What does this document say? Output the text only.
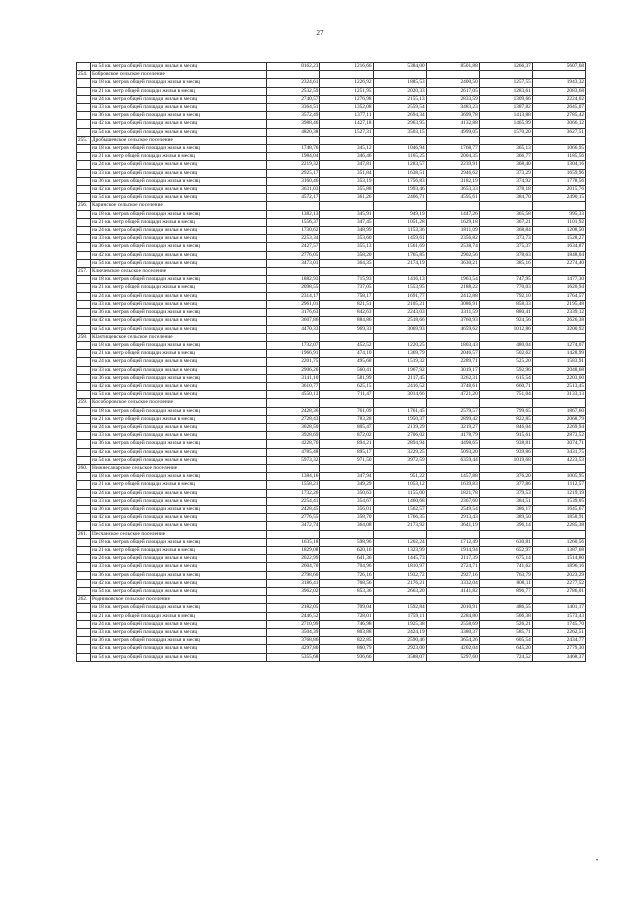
27
	на 54 кв. метра общей площади жилья в месяц	8162,23	1216,66	5384,00	8501,88	1266,37	5607,68
254.	Бобровское сельское поселение						
	на 18 кв. метров общей площади жилья в месяц	2324,61	1226,92	1885,53	2400,50	1257,55	1943,32
	на 21 кв. метр общей площади жилья в месяц	2532,59	1251,95	2020,33	2617,05	1283,61	2083,68
	на 24 кв. метра общей площади жилья в месяц	2740,57	1276,98	2155,13	2833,59	1309,66	2224,02
	на 33 кв. метра общей площади жилья в месяц	3364,51	1352,08	2559,54	3483,23	1387,82	2645,07
	на 36 кв. метров общей площади жилья в месяц	3572,49	1377,11	2694,34	3699,78	1413,88	2785,42
	на 42 кв. метра общей площади жилья в месяц	3988,46	1427,18	2963,95	4132,88	1465,99	3066,12
	на 54 кв. метра общей площади жилья в месяц	4820,38	1527,31	3503,15	4999,05	1570,20	3627,51
255.	Дробышевское сельское поселение						
	на 18 кв. метров общей площади жилья в месяц	1748,76	345,12	1046,94	1768,77	365,13	1066,95
	на 21 кв. метр общей площади жилья в месяц	1984,04	346,46	1165,25	2004,35	366,77	1185,56
	на 24 кв. метра общей площади жилья в месяц	2219,32	347,81	1283,57	2239,91	368,40	1304,16
	на 33 кв. метра общей площади жилья в месяц	2925,17	351,84	1638,51	2946,62	373,29	1659,96
	на 36 кв. метров общей площади жилья в месяц	3160,46	353,19	1756,83	3182,19	374,92	1778,56
	на 42 кв. метра общей площади жилья в месяц	3631,03	355,88	1993,46	3653,33	378,18	2015,76
	на 54 кв. метра общей площади жилья в месяц	4572,17	361,26	2466,71	4595,61	384,70	2490,15
256.	Каринское сельское поселение						
	на 18 кв. метров общей площади жилья в месяц	1382,13	345,91	949,19	1447,26	365,58	995,33
	на 21 кв. метр общей площади жилья в месяц	1556,37	347,45	1051,28	1629,18	367,21	1101,92
	на 24 кв. метра общей площади жилья в месяц	1730,62	348,99	1153,36	1811,09	368,84	1208,50
	на 33 кв. метра общей площади жилья в месяц	2253,34	353,60	1459,61	2356,82	373,73	1528,27
	на 36 кв. метров общей площади жилья в месяц	2427,57	355,13	1561,69	2538,74	375,37	1634,87
	на 42 кв. метра общей площади жилья в месяц	2776,05	358,20	1765,85	2902,56	378,63	1848,04
	на 54 кв. метра общей площади жилья в месяц	3473,01	364,35	2174,19	3630,21	385,16	2274,40
257.	Ключевское сельское поселение						
	на 18 кв. метров общей площади жилья в месяц	1882,93	715,93	1416,13	1963,54	747,95	1477,30
	на 21 кв. метр общей площади жилья в месяц	2098,55	737,05	1553,95	2188,22	770,03	1620,94
	на 24 кв. метра общей площади жилья в месяц	2314,17	758,17	1691,77	2412,88	792,10	1764,57
	на 33 кв. метра общей площади жилья в месяц	2961,01	821,51	2105,21	3086,91	858,33	2195,48
	на 36 кв. метров общей площади жилья в месяц	3176,63	842,63	2243,03	3311,59	880,41	2339,12
	на 42 кв. метра общей площади жилья в месяц	3607,86	884,86	2518,66	3760,93	924,56	2626,38
	на 54 кв. метра общей площади жилья в месяц	4470,33	969,33	3069,93	4659,62	1012,86	3200,92
258.	Klasтищевское сельское поселение						
	на 18 кв. метров общей площади жилья в месяц	1732,07	452,52	1220,25	1803,43	480,04	1274,07
	на 21 кв. метр общей площади жилья в месяц	1966,91	474,10	1369,79	2046,57	502,62	1428,99
	на 24 кв. метра общей площади жилья в месяц	2201,75	495,68	1519,32	2289,71	525,20	1583,91
	на 33 кв. метра общей площади жилья в месяц	2906,26	560,41	1967,92	3019,17	592,96	2048,68
	на 36 кв. метров общей площади жилья в месяц	3141,10	581,99	2117,45	3262,31	615,54	2203,60
	на 42 кв. метра общей площади жилья в месяц	3610,77	625,15	2416,52	3748,61	660,71	2513,45
	на 54 кв. метра общей площади жилья в месяц	4550,13	711,47	3014,66	4721,20	751,04	3133,13
259.	Кособоровское сельское поселение						
	на 18 кв. метров общей площади жилья в месяц	2428,36	761,09	1761,45	2579,57	799,65	1867,60
	на 21 кв. метр общей площади жилья в месяц	2728,43	783,28	1950,37	2899,42	822,85	2068,79
	на 24 кв. метра общей площади жилья в месяц	3028,50	805,47	2139,29	3219,27	846,04	2269,94
	на 33 кв. метра общей площади жилья в месяц	3928,69	872,02	2706,02	4178,79	915,61	2873,52
	на 36 кв. метров общей площади жилья в месяц	4228,76	894,21	2894,94	4498,65	938,81	3074,71
	на 42 кв. метра общей площади жилья в месяц	4785,48	895,17	3229,25	5093,20	939,86	3431,75
	на 54 кв. метра общей площади жилья в месяц	5973,32	971,50	3972,59	6359,44	1019,68	4223,53
260.	Нижнесанарское сельское поселение						
	на 18 кв. метров общей площади жилья в месяц	1384,16	347,94	951,22	1457,88	376,20	1005,95
	на 21 кв. метр общей площади жилья в месяц	1558,21	349,29	1053,12	1639,83	377,86	1112,57
	на 24 кв. метра общей площади жилья в месяц	1732,26	350,63	1155,00	1821,78	379,53	1219,19
	на 33 кв. метра общей площади жилья в месяц	2254,41	354,67	1460,68	2367,60	384,51	1539,05
	на 36 кв. метров общей площади жилья в месяц	2428,45	356,01	1562,57	2549,54	386,17	1645,67
	на 42 кв. метра общей площади жилья в месяц	2776,55	358,70	1766,35	2913,43	389,50	1858,91
	на 54 кв. метра общей площади жилья в месяц	3472,74	364,08	2173,92	3641,19	396,14	2285,38
261.	Песчанское сельское поселение						
	на 18 кв. метров общей площади жилья в месяц	1635,18	598,96	1202,24	1712,49	630,81	1260,56
	на 21 кв. метр общей площади жилья в месяц	1829,08	620,16	1323,99	1914,94	652,97	1387,68
	на 24 кв. метра общей площади жилья в месяц	2022,99	641,36	1445,73	2117,39	675,14	1514,80
	на 33 кв. метра общей площади жилья в месяц	2604,70	704,96	1810,97	2724,71	741,62	1896,16
	на 36 кв. метров общей площади жилья в месяц	2798,60	726,16	1932,72	2927,16	763,79	2023,29
	на 42 кв. метра общей площади жилья в месяц	3186,41	768,56	2176,21	3332,04	808,11	2277,52
	на 54 кв. метра общей площади жилья в месяц	3962,02	853,36	2663,20	4141,82	896,77	2786,01
262.	Родниковское сельское поселение						
	на 18 кв. метров общей площади жилья в месяц	2182,05	709,04	1592,84	2010,91	486,55	1401,17
	на 21 кв. метр общей площади жилья в месяц	2446,52	728,01	1759,11	2284,80	506,38	1573,43
	на 24 кв. метра общей площади жилья в месяц	2710,99	746,98	1925,38	2558,69	526,21	1745,70
	на 33 кв. метра общей площади жилья в месяц	3504,39	803,88	2424,19	3380,37	585,71	2262,51
	на 36 кв. метров общей площади жилья в месяц	3768,86	822,85	2590,46	3654,26	605,54	2434,77
	на 42 кв. метра общей площади жилья в месяц	4297,80	860,79	2923,00	4202,04	645,20	2779,30
	на 54 кв. метра общей площади жилья в месяц	5355,68	936,66	3588,07	5297,60	724,52	3468,37
•
